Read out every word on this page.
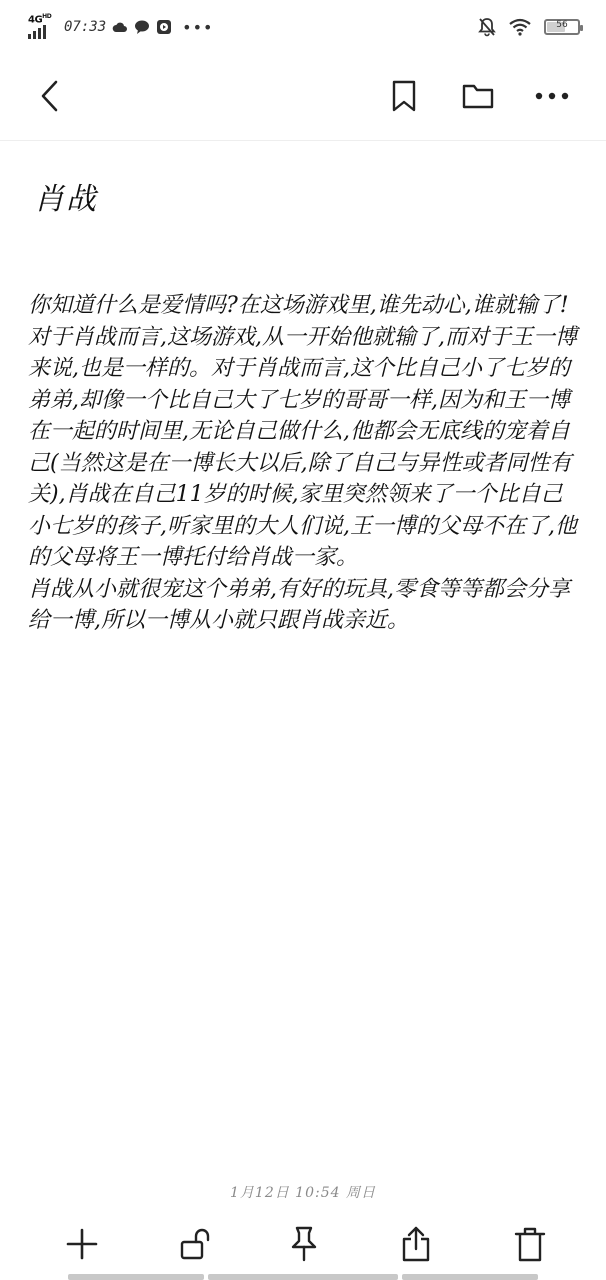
$4G^{HD}$
07:33	•••	56
肖战

你知道什么是爱情吗?在这场游戏里,谁先动心,谁就输了!对于肖战而言,这场游戏,从一开始他就输了,而对于王一博来说,也是一样的。对于肖战而言,这个比自己小了七岁的弟弟,却像一个比自己大了七岁的哥哥一样,因为和王一博在一起的时间里,无论自己做什么,他都会无底线的宠着自己(当然这是在一博长大以后,除了自己与异性或者同性有关),肖战在自己11岁的时候,家里突然领来了一个比自己小七岁的孩子,听家里的大人们说,王一博的父母不在了,他的父母将王一博托付给肖战一家。

肖战从小就很宠这个弟弟,有好的玩具,零食等等都会分享给一博,所以一博从小就只跟肖战亲近。

1月12日 10:54 周日
